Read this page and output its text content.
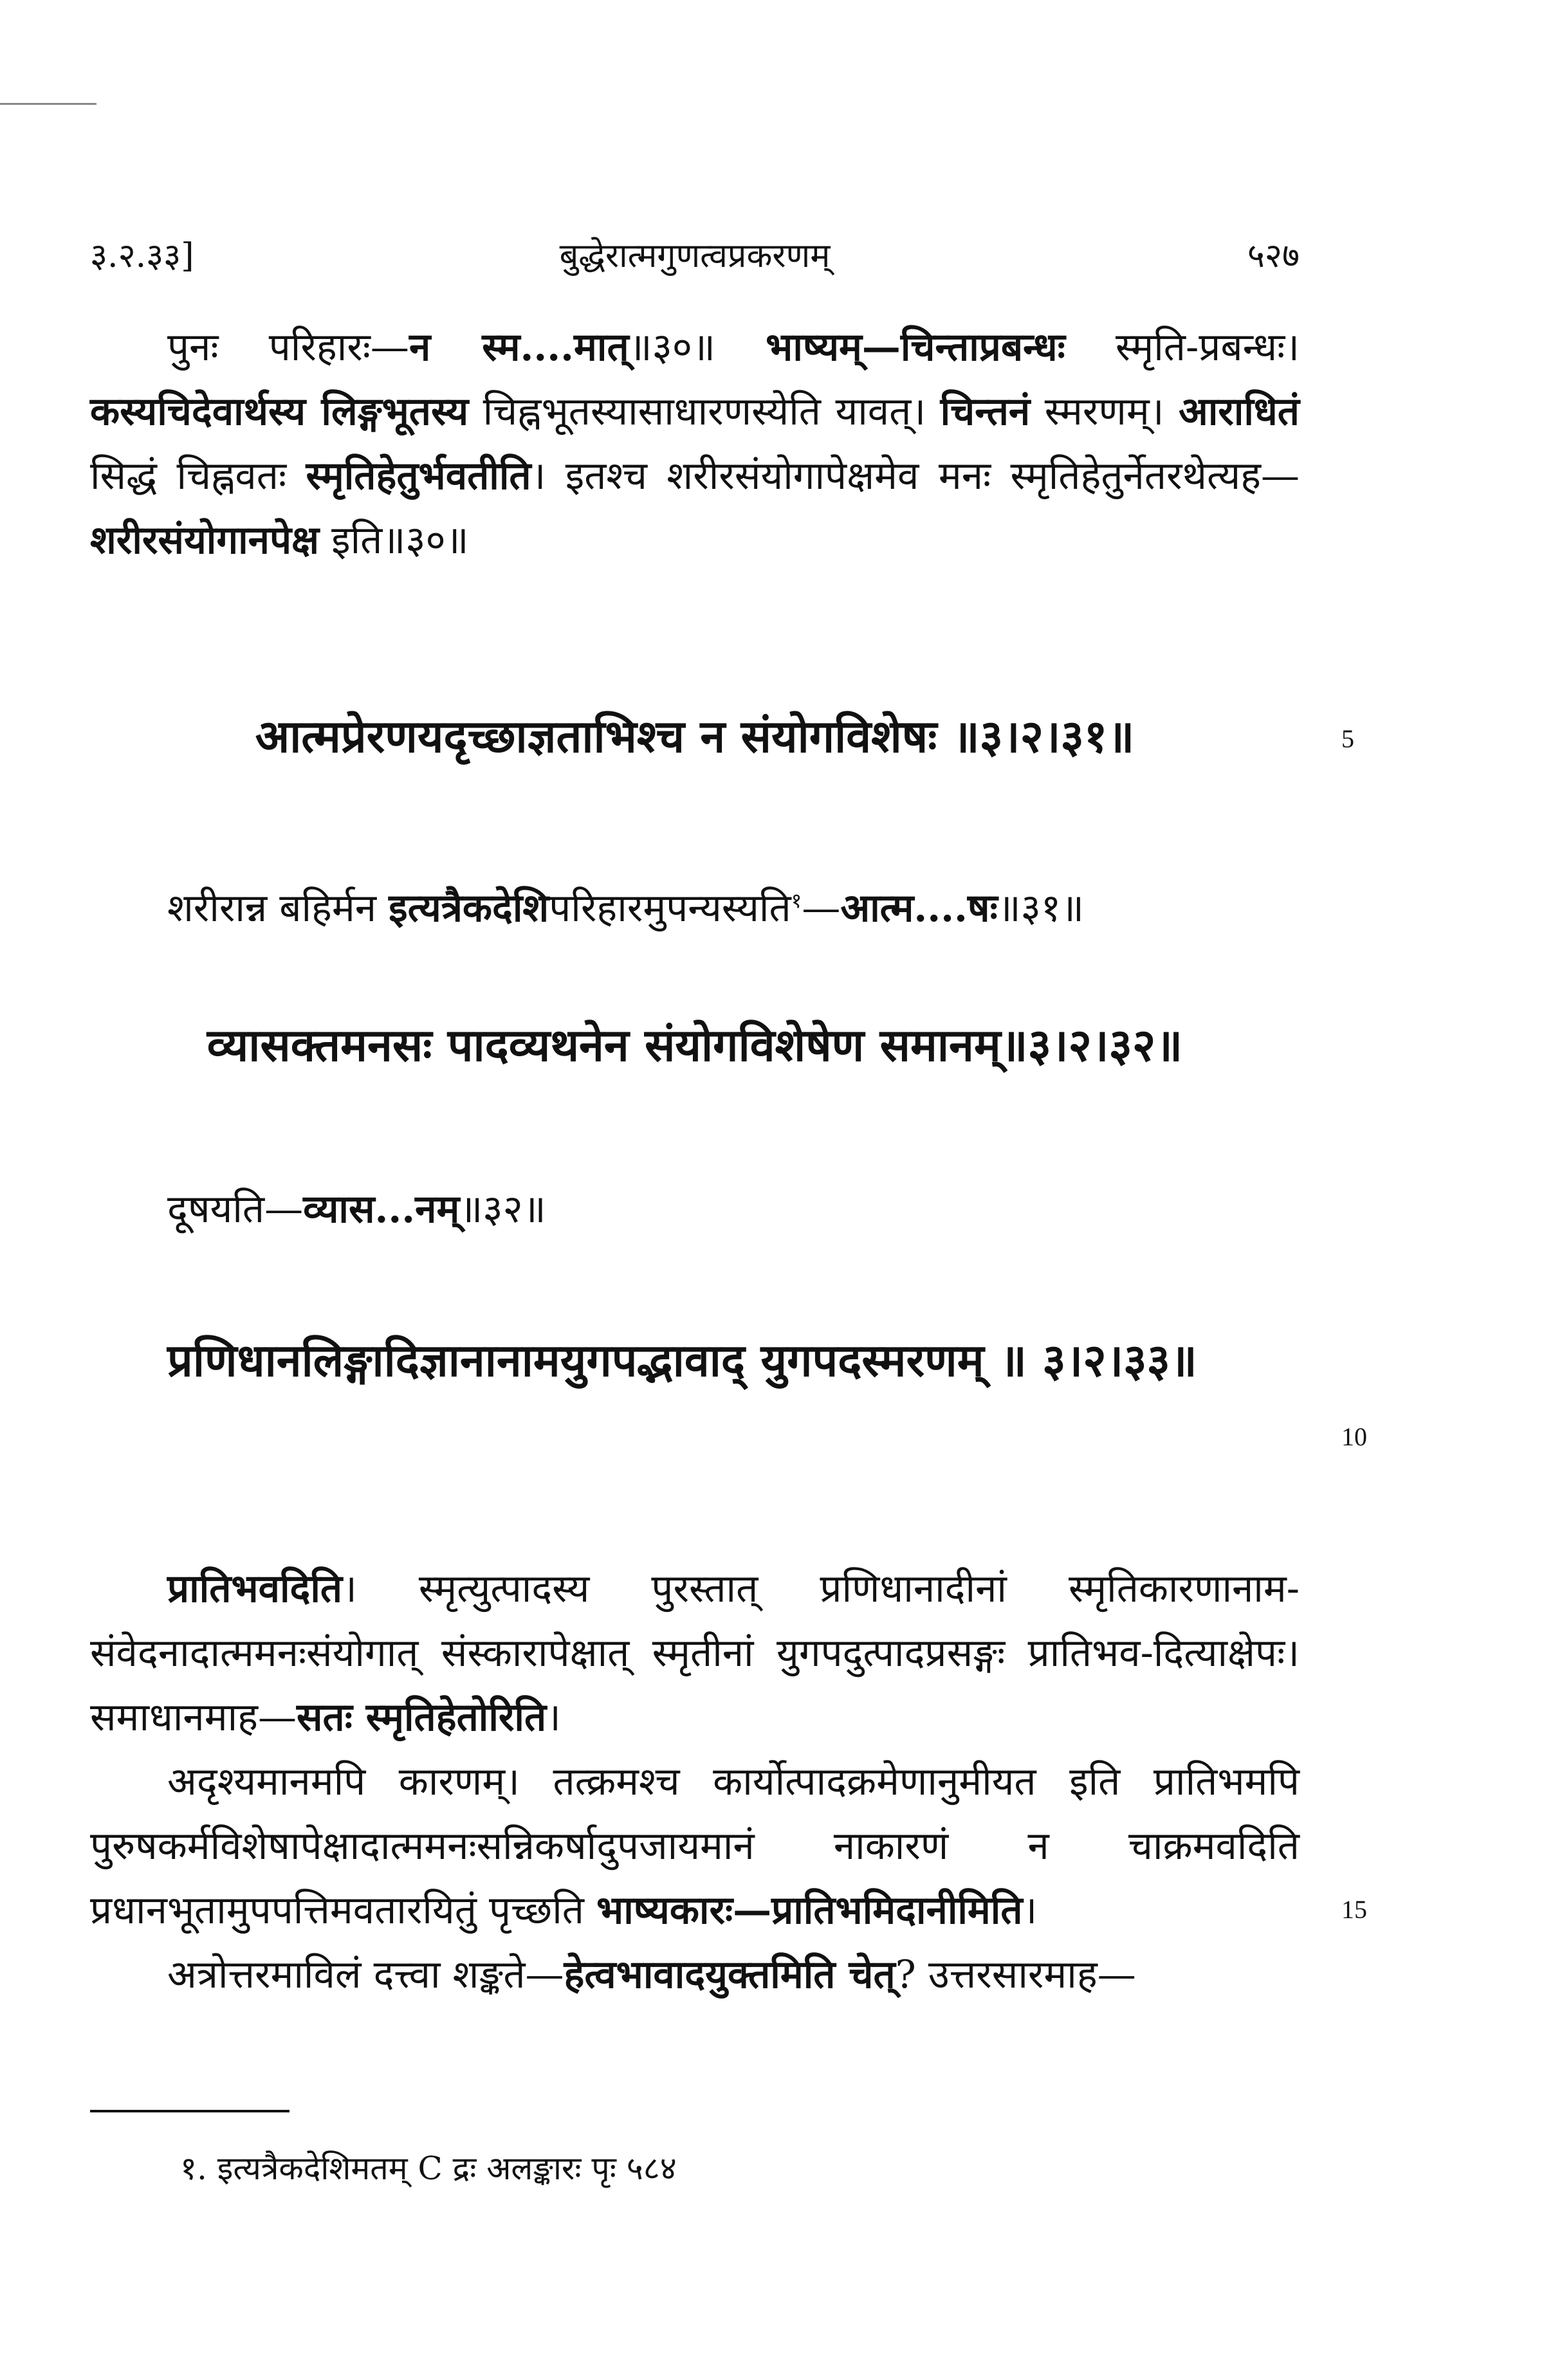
३.२.३३]	बुद्धेरात्मगुणत्वप्रकरणम्	५२७

पुनः परिहारः—न स्म....मात्॥३०॥ भाष्यम्—चिन्ताप्रबन्धः स्मृति-प्रबन्धः। कस्यचिदेवार्थस्य लिङ्गभूतस्य चिह्नभूतस्यासाधारणस्येति यावत्। चिन्तनं स्मरणम्। आराधितं सिद्धं चिह्नवतः स्मृतिहेतुर्भवतीति। इतश्च शरीरसंयोगापेक्षमेव मनः स्मृतिहेतुर्नेतरथेत्यह—शरीरसंयोगानपेक्ष इति॥३०॥

आत्मप्रेरणयदृच्छाज्ञताभिश्च न संयोगविशेषः ॥३।२।३१॥	5

शरीरान्न बहिर्मन इत्यत्रैकदेशिपरिहारमुपन्यस्यति$^१$—आत्म....षः॥३१॥

व्यासक्तमनसः पादव्यथनेन संयोगविशेषेण समानम्॥३।२।३२॥

दूषयति—व्यास...नम्॥३२॥

प्रणिधानलिङ्गादिज्ञानानामयुगपद्भावाद् युगपदस्मरणम् ॥ ३।२।३३॥

10

प्रातिभवदिति। स्मृत्युत्पादस्य पुरस्तात् प्रणिधानादीनां स्मृतिकारणानाम-संवेदनादात्ममनःसंयोगात् संस्कारापेक्षात् स्मृतीनां युगपदुत्पादप्रसङ्गः प्रातिभव-दित्याक्षेपः। समाधानमाह—सतः स्मृतिहेतोरिति।

अदृश्यमानमपि कारणम्। तत्क्रमश्च कार्योत्पादक्रमेणानुमीयत इति प्रातिभमपि पुरुषकर्मविशेषापेक्षादात्ममनःसन्निकर्षादुपजायमानं नाकारणं न चाक्रमवदिति प्रधानभूतामुपपत्तिमवतारयितुं पृच्छति भाष्यकारः—प्रातिभमिदानीमिति।

अत्रोत्तरमाविलं दत्त्वा शङ्कते—हेत्वभावादयुक्तमिति चेत्? उत्तरसारमाह—

15
१. इत्यत्रैकदेशिमतम् C द्रः अलङ्कारः पृः ५८४
